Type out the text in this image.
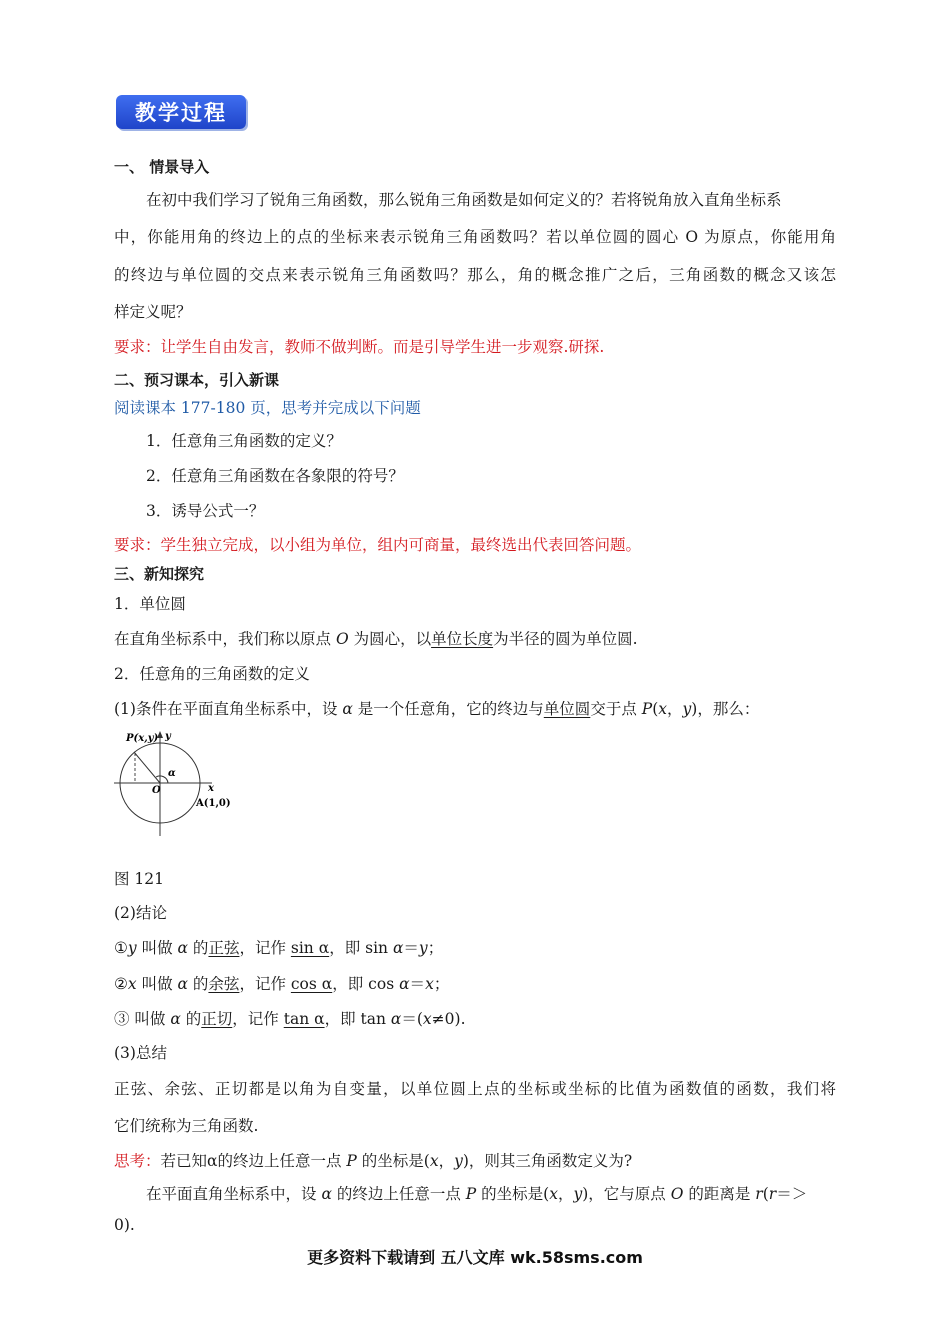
教学过程
一、 情景导入
在初中我们学习了锐角三角函数，那么锐角三角函数是如何定义的？若将锐角放入直角坐标系
中，你能用角的终边上的点的坐标来表示锐角三角函数吗？若以单位圆的圆心 O 为原点，你能用角
的终边与单位圆的交点来表示锐角三角函数吗？那么，角的概念推广之后，三角函数的概念又该怎
样定义呢？
要求：让学生自由发言，教师不做判断。而是引导学生进一步观察.研探.
二、预习课本，引入新课
阅读课本 177-180 页，思考并完成以下问题
1．任意角三角函数的定义？
2．任意角三角函数在各象限的符号？
3．诱导公式一？
要求：学生独立完成，以小组为单位，组内可商量，最终选出代表回答问题。
三、新知探究
1．单位圆
在直角坐标系中，我们称以原点 O 为圆心，以单位长度为半径的圆为单位圆.
2．任意角的三角函数的定义
(1)条件在平面直角坐标系中，设 α 是一个任意角，它的终边与单位圆交于点 P(x，y)，那么：
P(x,y) y
x
α
O
A(1,0)
图 121
(2)结论
①y 叫做 α 的正弦，记作 sin α，即 sin α＝y；
②x 叫做 α 的余弦，记作 cos α，即 cos α＝x；
③ 叫做 α 的正切，记作 tan α，即 tan α＝(x≠0).
(3)总结
正弦、余弦、正切都是以角为自变量，以单位圆上点的坐标或坐标的比值为函数值的函数，我们将
它们统称为三角函数.
思考：若已知α的终边上任意一点 P 的坐标是(x，y)，则其三角函数定义为?
在平面直角坐标系中，设 α 的终边上任意一点 P 的坐标是(x，y)，它与原点 O 的距离是 r(r＝＞
0).
更多资料下载请到 五八文库 wk.58sms.com
